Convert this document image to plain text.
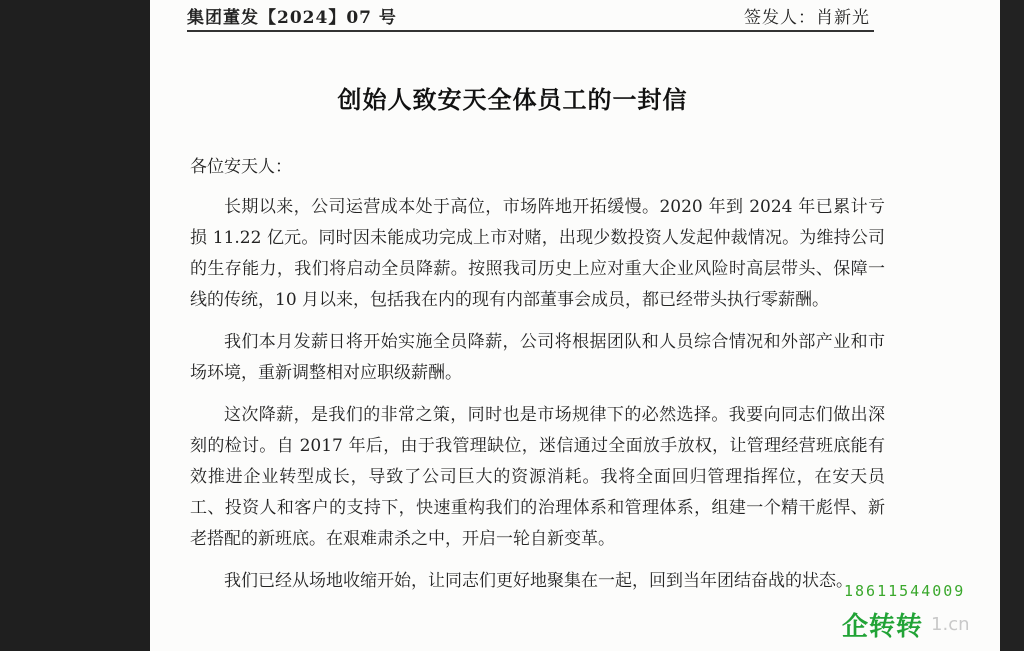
集团董发【2024】07 号	签发人：肖新光
创始人致安天全体员工的一封信
各位安天人：

长期以来，公司运营成本处于高位，市场阵地开拓缓慢。2020 年到 2024 年已累计亏损 11.22 亿元。同时因未能成功完成上市对赌，出现少数投资人发起仲裁情况。为维持公司的生存能力，我们将启动全员降薪。按照我司历史上应对重大企业风险时高层带头、保障一线的传统，10 月以来，包括我在内的现有内部董事会成员，都已经带头执行零薪酬。

我们本月发薪日将开始实施全员降薪，公司将根据团队和人员综合情况和外部产业和市场环境，重新调整相对应职级薪酬。

这次降薪，是我们的非常之策，同时也是市场规律下的必然选择。我要向同志们做出深刻的检讨。自 2017 年后，由于我管理缺位，迷信通过全面放手放权，让管理经营班底能有效推进企业转型成长，导致了公司巨大的资源消耗。我将全面回归管理指挥位，在安天员工、投资人和客户的支持下，快速重构我们的治理体系和管理体系，组建一个精干彪悍、新老搭配的新班底。在艰难肃杀之中，开启一轮自新变革。

我们已经从场地收缩开始，让同志们更好地聚集在一起，回到当年团结奋战的状态。

18611544009
企转转 1.cn
